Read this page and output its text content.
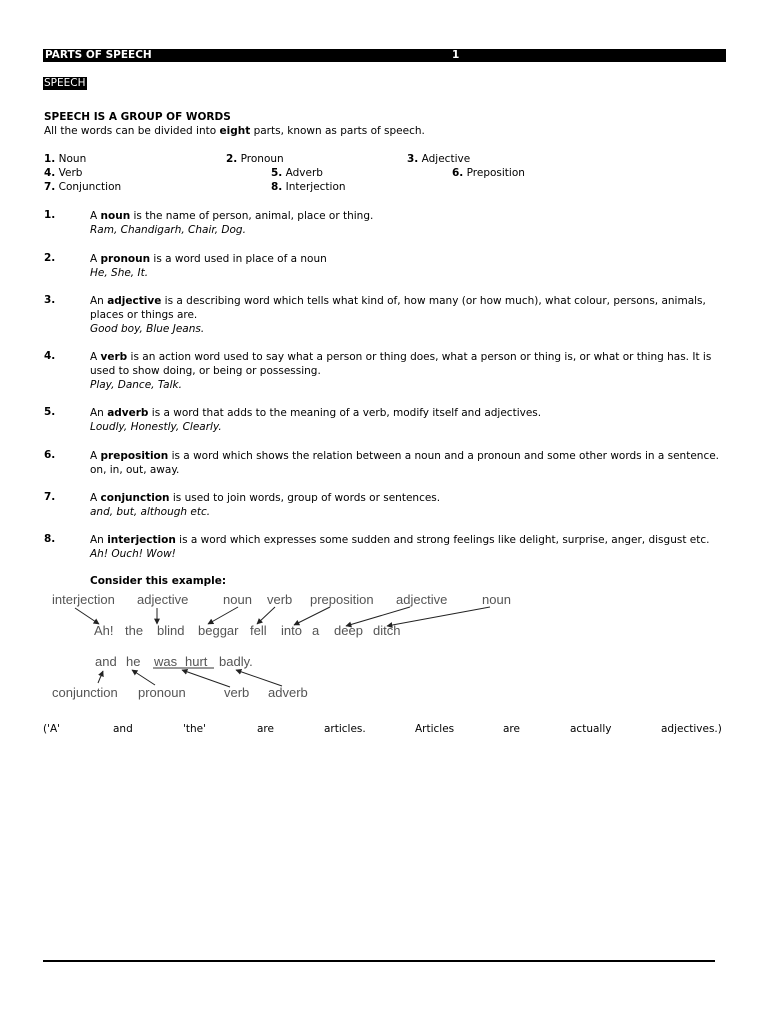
PARTS OF SPEECH	1
SPEECH
SPEECH IS A GROUP OF WORDS
All the words can be divided into eight parts, known as parts of speech.
1. Noun	2. Pronoun	3. Adjective
4. Verb	5. Adverb	6. Preposition
7. Conjunction	8. Interjection
1.	A noun is the name of person, animal, place or thing.
Ram, Chandigarh, Chair, Dog.
2.	A pronoun is a word used in place of a noun
He, She, It.
3.	An adjective is a describing word which tells what kind of, how many (or how much), what colour, persons, animals, places or things are.
Good boy, Blue Jeans.
4.	A verb is an action word used to say what a person or thing does, what a person or thing is, or what or thing has. It is used to show doing, or being or possessing.
Play, Dance, Talk.
5.	An adverb is a word that adds to the meaning of a verb, modify itself and adjectives.
Loudly, Honestly, Clearly.
6.	A preposition is a word which shows the relation between a noun and a pronoun and some other words in a sentence.
on, in, out, away.
7.	A conjunction is used to join words, group of words or sentences.
and, but, although etc.
8.	An interjection is a word which expresses some sudden and strong feelings like delight, surprise, anger, disgust etc.
Ah! Ouch! Wow!
Consider this example:
interjection adjective	noun verb preposition adjective	noun
Ah! the blind beggar fell into a deep ditch
and he was hurt badly.
conjunction pronoun	verb adverb
('A'	and	'the'	are	articles.	Articles	are	actually	adjectives.)
